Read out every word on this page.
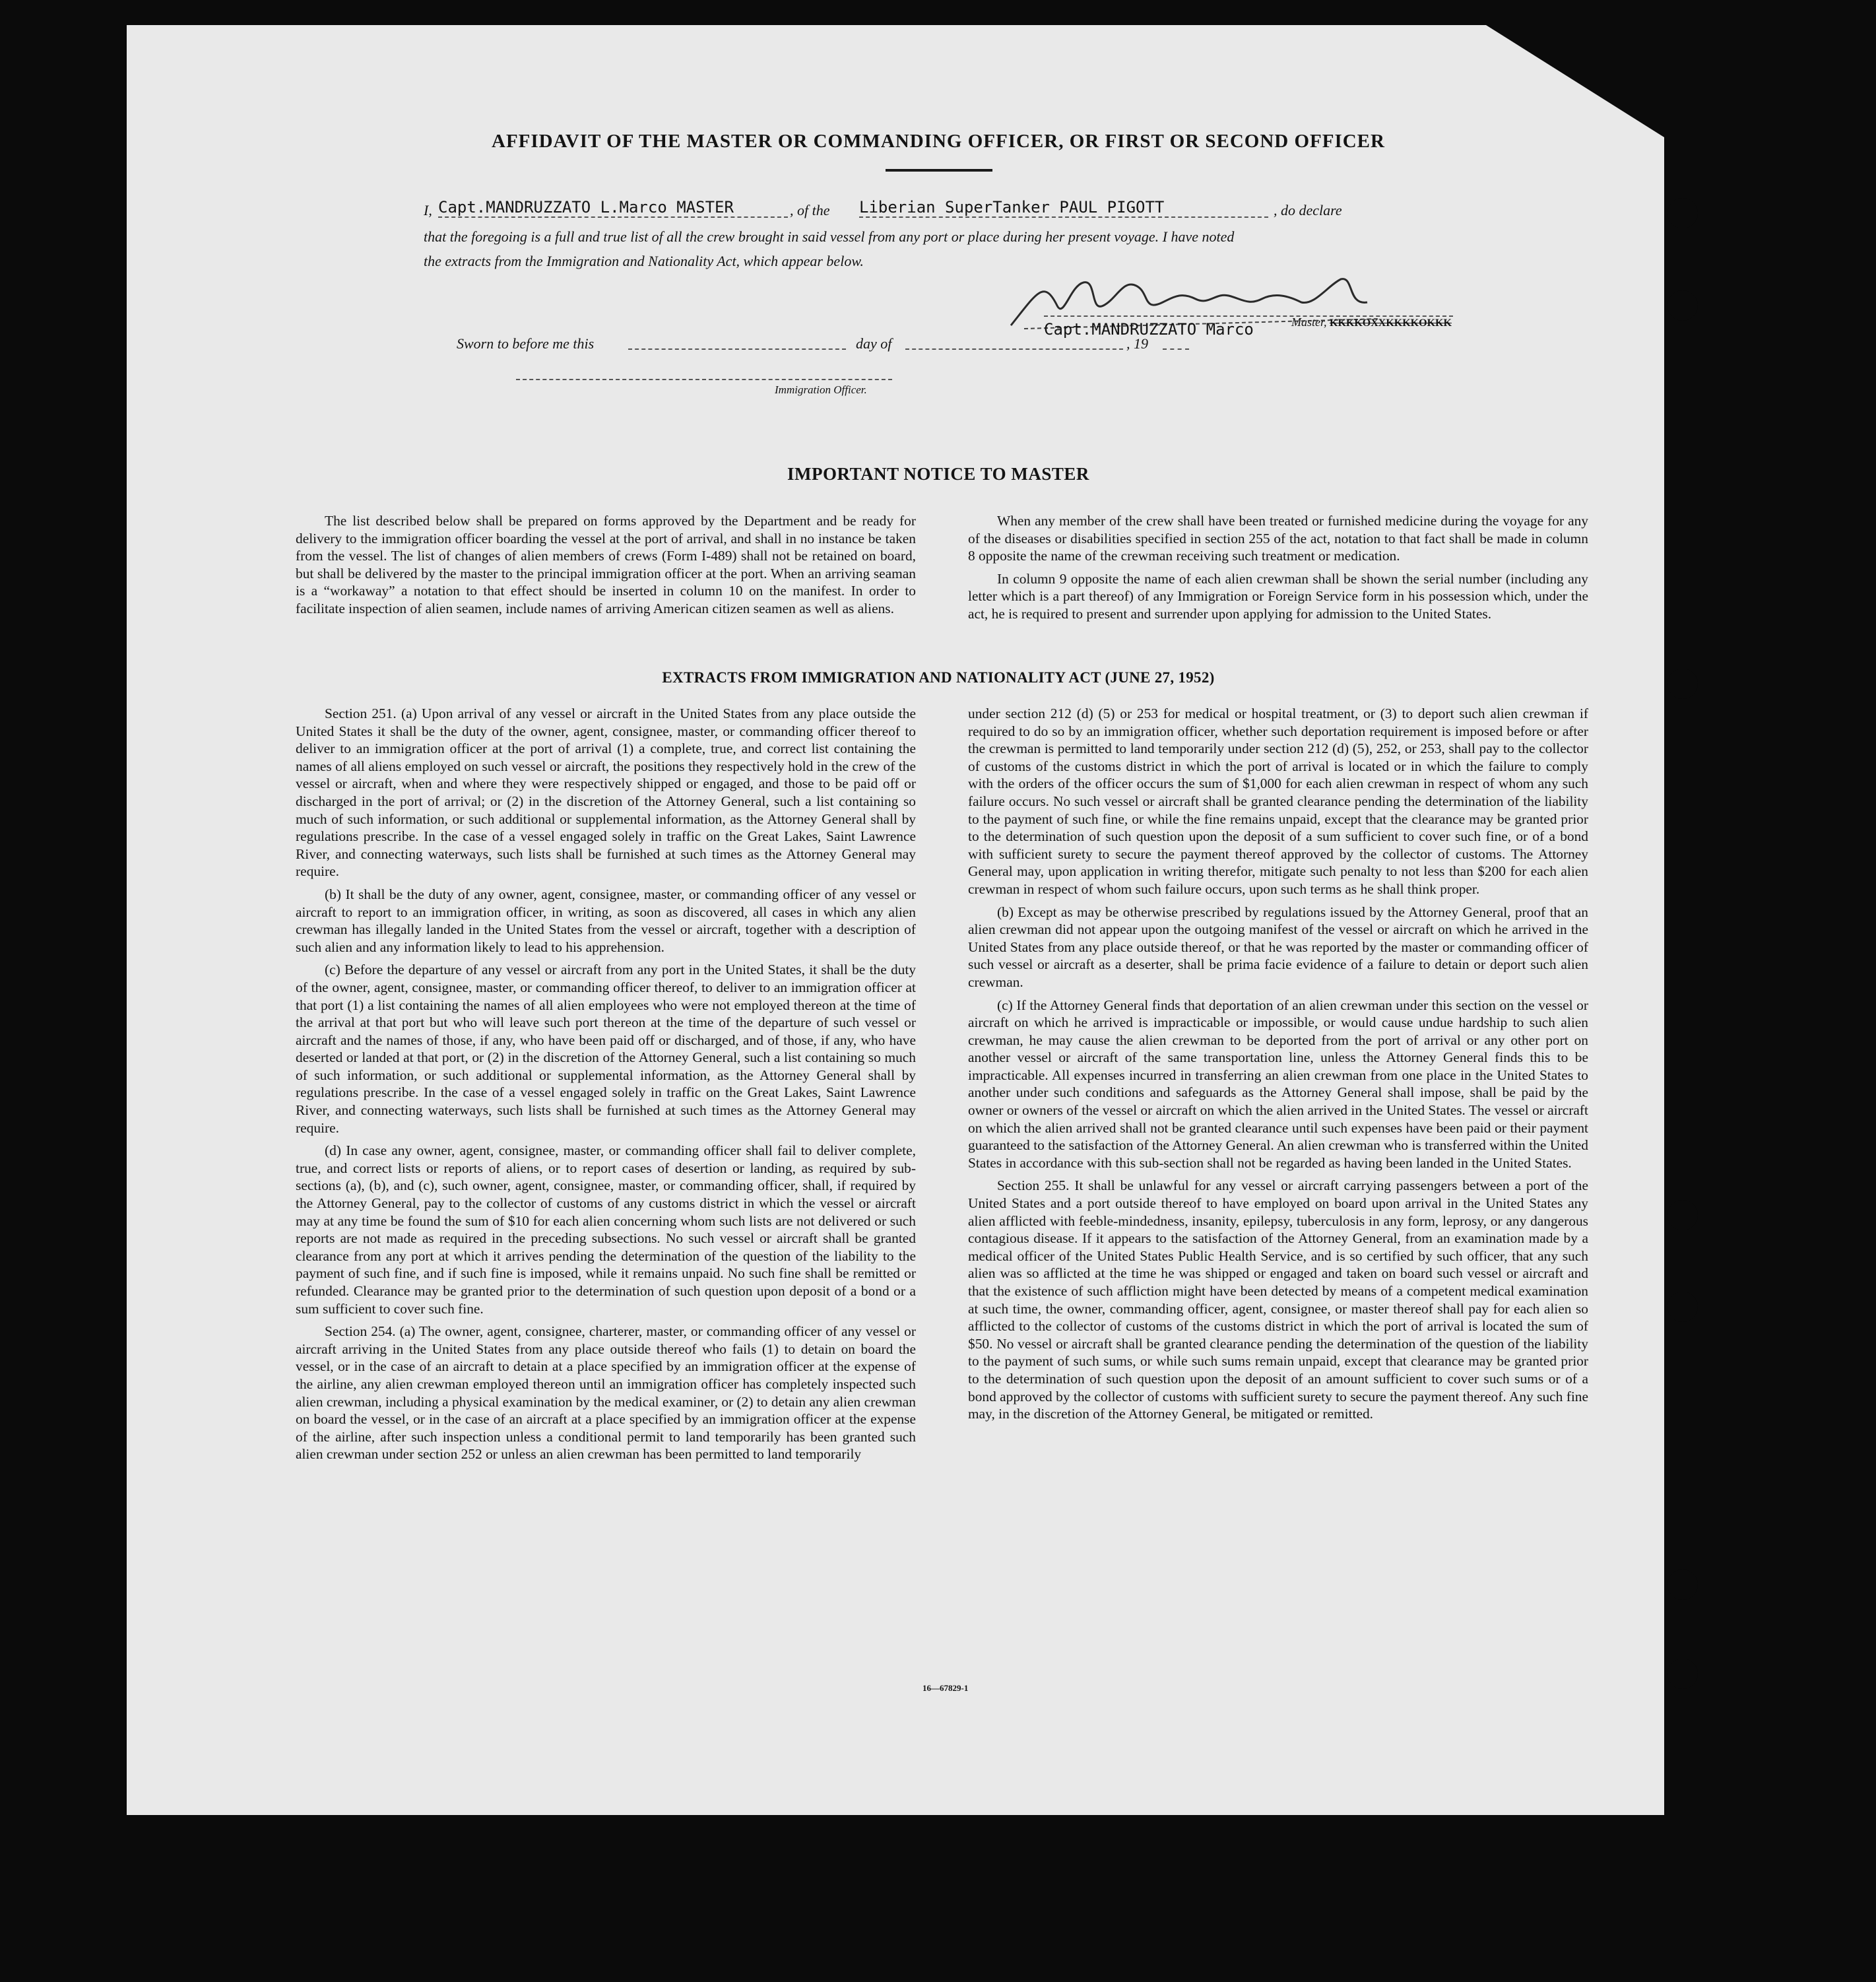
AFFIDAVIT OF THE MASTER OR COMMANDING OFFICER, OR FIRST OR SECOND OFFICER
I, Capt.MANDRUZZATO L.Marco MASTER	, of the Liberian SuperTanker PAUL PIGOTT	, do declare
that the foregoing is a full and true list of all the crew brought in said vessel from any port or place during her present voyage. I have noted
the extracts from the Immigration and Nationality Act, which appear below.
Master, KKKKOXXKKKKOKKK
Sworn to before me this	day of
Capt.MANDRUZZATO Marco
, 19
Immigration Officer.
IMPORTANT NOTICE TO MASTER

The list described below shall be prepared on forms approved by the Department and be ready for delivery to the immigration officer boarding the vessel at the port of arrival, and shall in no instance be taken from the vessel. The list of changes of alien members of crews (Form I-489) shall not be retained on board, but shall be delivered by the master to the principal immigration officer at the port. When an arriving seaman is a “workaway” a notation to that effect should be inserted in column 10 on the manifest. In order to facilitate inspection of alien seamen, include names of arriving American citizen seamen as well as aliens.

When any member of the crew shall have been treated or furnished medicine during the voyage for any of the diseases or disabilities specified in section 255 of the act, notation to that fact shall be made in column 8 opposite the name of the crewman receiving such treatment or medication.

In column 9 opposite the name of each alien crewman shall be shown the serial number (including any letter which is a part thereof) of any Immigration or Foreign Service form in his possession which, under the act, he is required to present and surrender upon applying for admission to the United States.

EXTRACTS FROM IMMIGRATION AND NATIONALITY ACT (JUNE 27, 1952)

Section 251. (a) Upon arrival of any vessel or aircraft in the United States from any place outside the United States it shall be the duty of the owner, agent, consignee, master, or commanding officer thereof to deliver to an immigration officer at the port of arrival (1) a complete, true, and correct list containing the names of all aliens employed on such vessel or aircraft, the positions they respectively hold in the crew of the vessel or aircraft, when and where they were respectively shipped or engaged, and those to be paid off or discharged in the port of arrival; or (2) in the discretion of the Attorney General, such a list containing so much of such information, or such additional or supplemental information, as the Attorney General shall by regulations prescribe. In the case of a vessel engaged solely in traffic on the Great Lakes, Saint Lawrence River, and connecting waterways, such lists shall be furnished at such times as the Attorney General may require.

(b) It shall be the duty of any owner, agent, consignee, master, or commanding officer of any vessel or aircraft to report to an immigration officer, in writing, as soon as discovered, all cases in which any alien crewman has illegally landed in the United States from the vessel or aircraft, together with a description of such alien and any information likely to lead to his apprehension.

(c) Before the departure of any vessel or aircraft from any port in the United States, it shall be the duty of the owner, agent, consignee, master, or commanding officer thereof, to deliver to an immigration officer at that port (1) a list containing the names of all alien employees who were not employed thereon at the time of the arrival at that port but who will leave such port thereon at the time of the departure of such vessel or aircraft and the names of those, if any, who have been paid off or discharged, and of those, if any, who have deserted or landed at that port, or (2) in the discretion of the Attorney General, such a list containing so much of such information, or such additional or supplemental information, as the Attorney General shall by regulations prescribe. In the case of a vessel engaged solely in traffic on the Great Lakes, Saint Lawrence River, and connecting waterways, such lists shall be furnished at such times as the Attorney General may require.

(d) In case any owner, agent, consignee, master, or commanding officer shall fail to deliver complete, true, and correct lists or reports of aliens, or to report cases of desertion or landing, as required by sub-sections (a), (b), and (c), such owner, agent, consignee, master, or commanding officer, shall, if required by the Attorney General, pay to the collector of customs of any customs district in which the vessel or aircraft may at any time be found the sum of $10 for each alien concerning whom such lists are not delivered or such reports are not made as required in the preceding subsections. No such vessel or aircraft shall be granted clearance from any port at which it arrives pending the determination of the question of the liability to the payment of such fine, and if such fine is imposed, while it remains unpaid. No such fine shall be remitted or refunded. Clearance may be granted prior to the determination of such question upon deposit of a bond or a sum sufficient to cover such fine.

Section 254. (a) The owner, agent, consignee, charterer, master, or commanding officer of any vessel or aircraft arriving in the United States from any place outside thereof who fails (1) to detain on board the vessel, or in the case of an aircraft to detain at a place specified by an immigration officer at the expense of the airline, any alien crewman employed thereon until an immigration officer has completely inspected such alien crewman, including a physical examination by the medical examiner, or (2) to detain any alien crewman on board the vessel, or in the case of an aircraft at a place specified by an immigration officer at the expense of the airline, after such inspection unless a conditional permit to land temporarily has been granted such alien crewman under section 252 or unless an alien crewman has been permitted to land temporarily

under section 212 (d) (5) or 253 for medical or hospital treatment, or (3) to deport such alien crewman if required to do so by an immigration officer, whether such deportation requirement is imposed before or after the crewman is permitted to land temporarily under section 212 (d) (5), 252, or 253, shall pay to the collector of customs of the customs district in which the port of arrival is located or in which the failure to comply with the orders of the officer occurs the sum of $1,000 for each alien crewman in respect of whom any such failure occurs. No such vessel or aircraft shall be granted clearance pending the determination of the liability to the payment of such fine, or while the fine remains unpaid, except that the clearance may be granted prior to the determination of such question upon the deposit of a sum sufficient to cover such fine, or of a bond with sufficient surety to secure the payment thereof approved by the collector of customs. The Attorney General may, upon application in writing therefor, mitigate such penalty to not less than $200 for each alien crewman in respect of whom such failure occurs, upon such terms as he shall think proper.

(b) Except as may be otherwise prescribed by regulations issued by the Attorney General, proof that an alien crewman did not appear upon the outgoing manifest of the vessel or aircraft on which he arrived in the United States from any place outside thereof, or that he was reported by the master or commanding officer of such vessel or aircraft as a deserter, shall be prima facie evidence of a failure to detain or deport such alien crewman.

(c) If the Attorney General finds that deportation of an alien crewman under this section on the vessel or aircraft on which he arrived is impracticable or impossible, or would cause undue hardship to such alien crewman, he may cause the alien crewman to be deported from the port of arrival or any other port on another vessel or aircraft of the same transportation line, unless the Attorney General finds this to be impracticable. All expenses incurred in transferring an alien crewman from one place in the United States to another under such conditions and safeguards as the Attorney General shall impose, shall be paid by the owner or owners of the vessel or aircraft on which the alien arrived in the United States. The vessel or aircraft on which the alien arrived shall not be granted clearance until such expenses have been paid or their payment guaranteed to the satisfaction of the Attorney General. An alien crewman who is transferred within the United States in accordance with this sub-section shall not be regarded as having been landed in the United States.

Section 255. It shall be unlawful for any vessel or aircraft carrying passengers between a port of the United States and a port outside thereof to have employed on board upon arrival in the United States any alien afflicted with feeble-mindedness, insanity, epilepsy, tuberculosis in any form, leprosy, or any dangerous contagious disease. If it appears to the satisfaction of the Attorney General, from an examination made by a medical officer of the United States Public Health Service, and is so certified by such officer, that any such alien was so afflicted at the time he was shipped or engaged and taken on board such vessel or aircraft and that the existence of such affliction might have been detected by means of a competent medical examination at such time, the owner, commanding officer, agent, consignee, or master thereof shall pay for each alien so afflicted to the collector of customs of the customs district in which the port of arrival is located the sum of $50. No vessel or aircraft shall be granted clearance pending the determination of the question of the liability to the payment of such sums, or while such sums remain unpaid, except that clearance may be granted prior to the determination of such question upon the deposit of an amount sufficient to cover such sums or of a bond approved by the collector of customs with sufficient surety to secure the payment thereof. Any such fine may, in the discretion of the Attorney General, be mitigated or remitted.

16—67829-1
